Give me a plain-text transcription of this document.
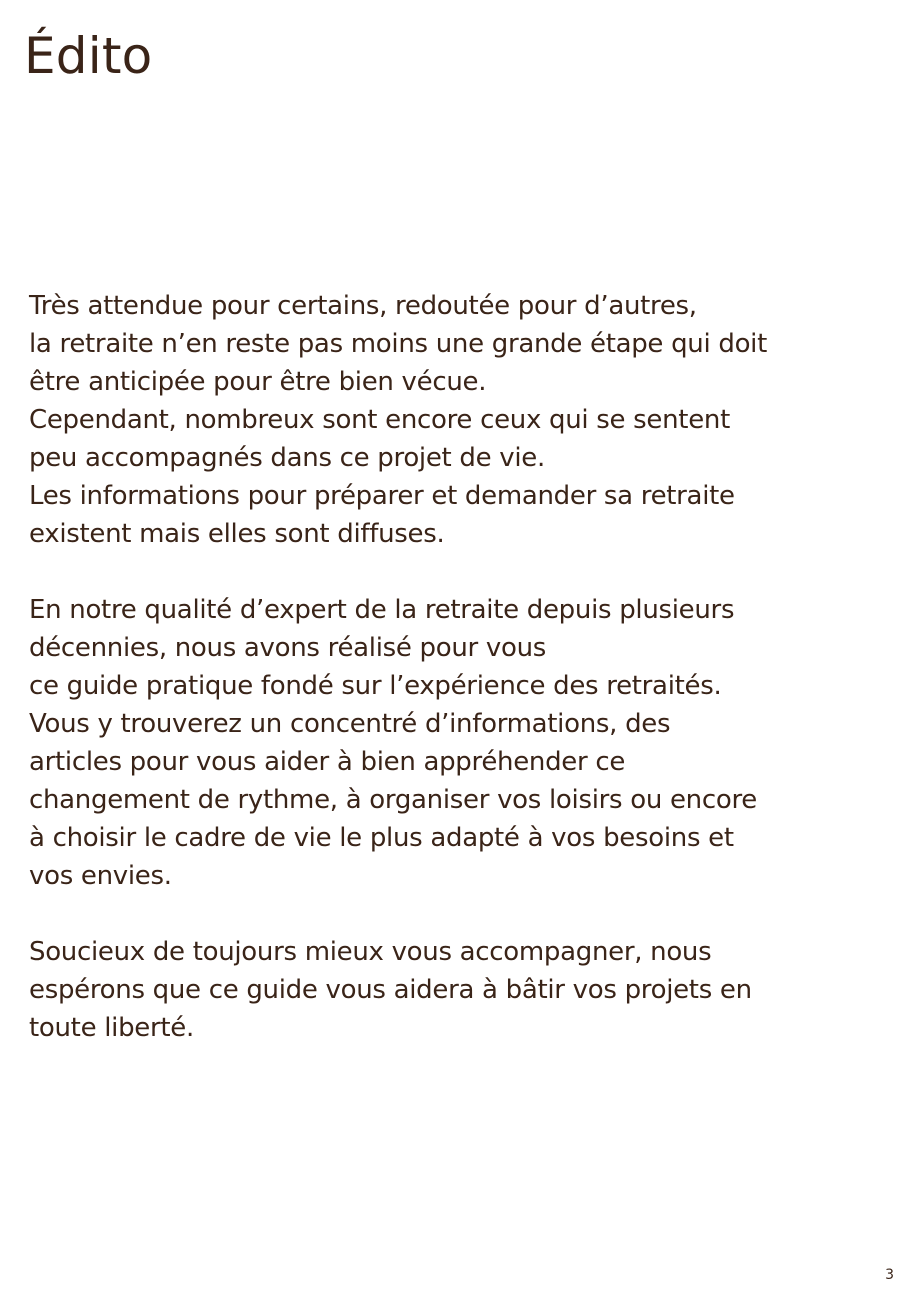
Édito

Très attendue pour certains, redoutée pour d’autres,
la retraite n’en reste pas moins une grande étape qui doit
être anticipée pour être bien vécue.
Cependant, nombreux sont encore ceux qui se sentent
peu accompagnés dans ce projet de vie.
Les informations pour préparer et demander sa retraite
existent mais elles sont diffuses.

En notre qualité d’expert de la retraite depuis plusieurs
décennies, nous avons réalisé pour vous
ce guide pratique fondé sur l’expérience des retraités.
Vous y trouverez un concentré d’informations, des
articles pour vous aider à bien appréhender ce
changement de rythme, à organiser vos loisirs ou encore
à choisir le cadre de vie le plus adapté à vos besoins et
vos envies.

Soucieux de toujours mieux vous accompagner, nous
espérons que ce guide vous aidera à bâtir vos projets en
toute liberté.

3
